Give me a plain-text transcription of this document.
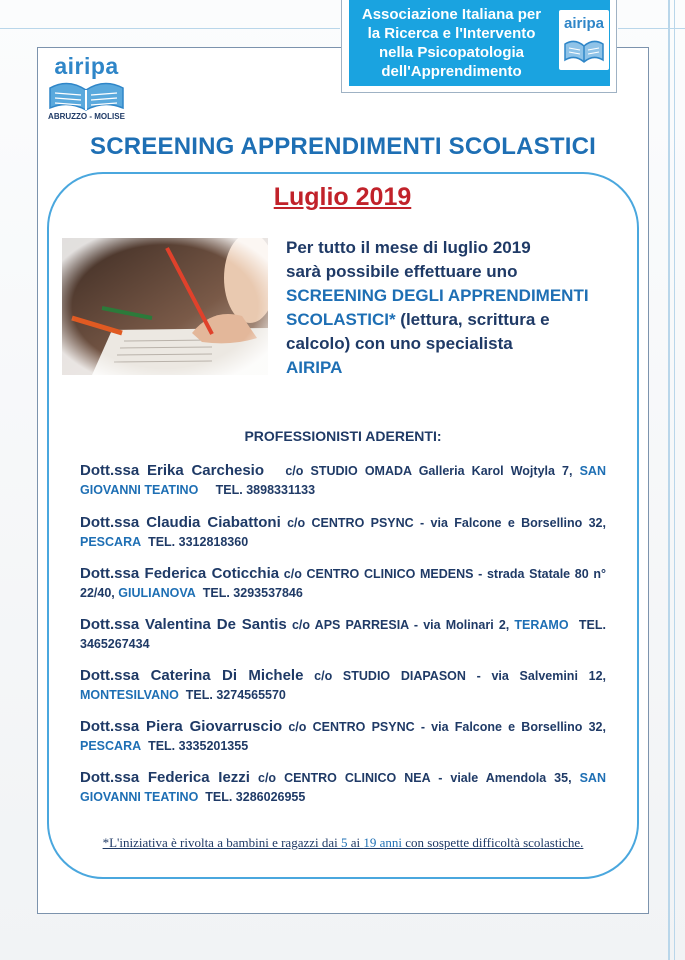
Associazione Italiana per
la Ricerca e l'Intervento
nella Psicopatologia
dell'Apprendimento
airipa
airipa
ABRUZZO - MOLISE
SCREENING APPRENDIMENTI SCOLASTICI
Luglio 2019
Per tutto il mese di luglio 2019
sarà possibile effettuare uno
SCREENING DEGLI APPRENDIMENTI
SCOLASTICI* (lettura, scrittura e
calcolo) con uno specialista
AIRIPA
PROFESSIONISTI ADERENTI:
Dott.ssa Erika Carchesio c/o STUDIO OMADA Galleria Karol Wojtyla 7, SAN GIOVANNI TEATINO TEL. 3898331133
Dott.ssa Claudia Ciabattoni c/o CENTRO PSYNC - via Falcone e Borsellino 32, PESCARA TEL. 3312818360
Dott.ssa Federica Coticchia c/o CENTRO CLINICO MEDENS - strada Statale 80 n° 22/40, GIULIANOVA TEL. 3293537846
Dott.ssa Valentina De Santis c/o APS PARRESIA - via Molinari 2, TERAMO TEL. 3465267434
Dott.ssa Caterina Di Michele c/o STUDIO DIAPASON - via Salvemini 12, MONTESILVANO TEL. 3274565570
Dott.ssa Piera Giovarruscio c/o CENTRO PSYNC - via Falcone e Borsellino 32, PESCARA TEL. 3335201355
Dott.ssa Federica Iezzi c/o CENTRO CLINICO NEA - viale Amendola 35, SAN GIOVANNI TEATINO TEL. 3286026955
*L'iniziativa è rivolta a bambini e ragazzi dai 5 ai 19 anni con sospette difficoltà scolastiche.
